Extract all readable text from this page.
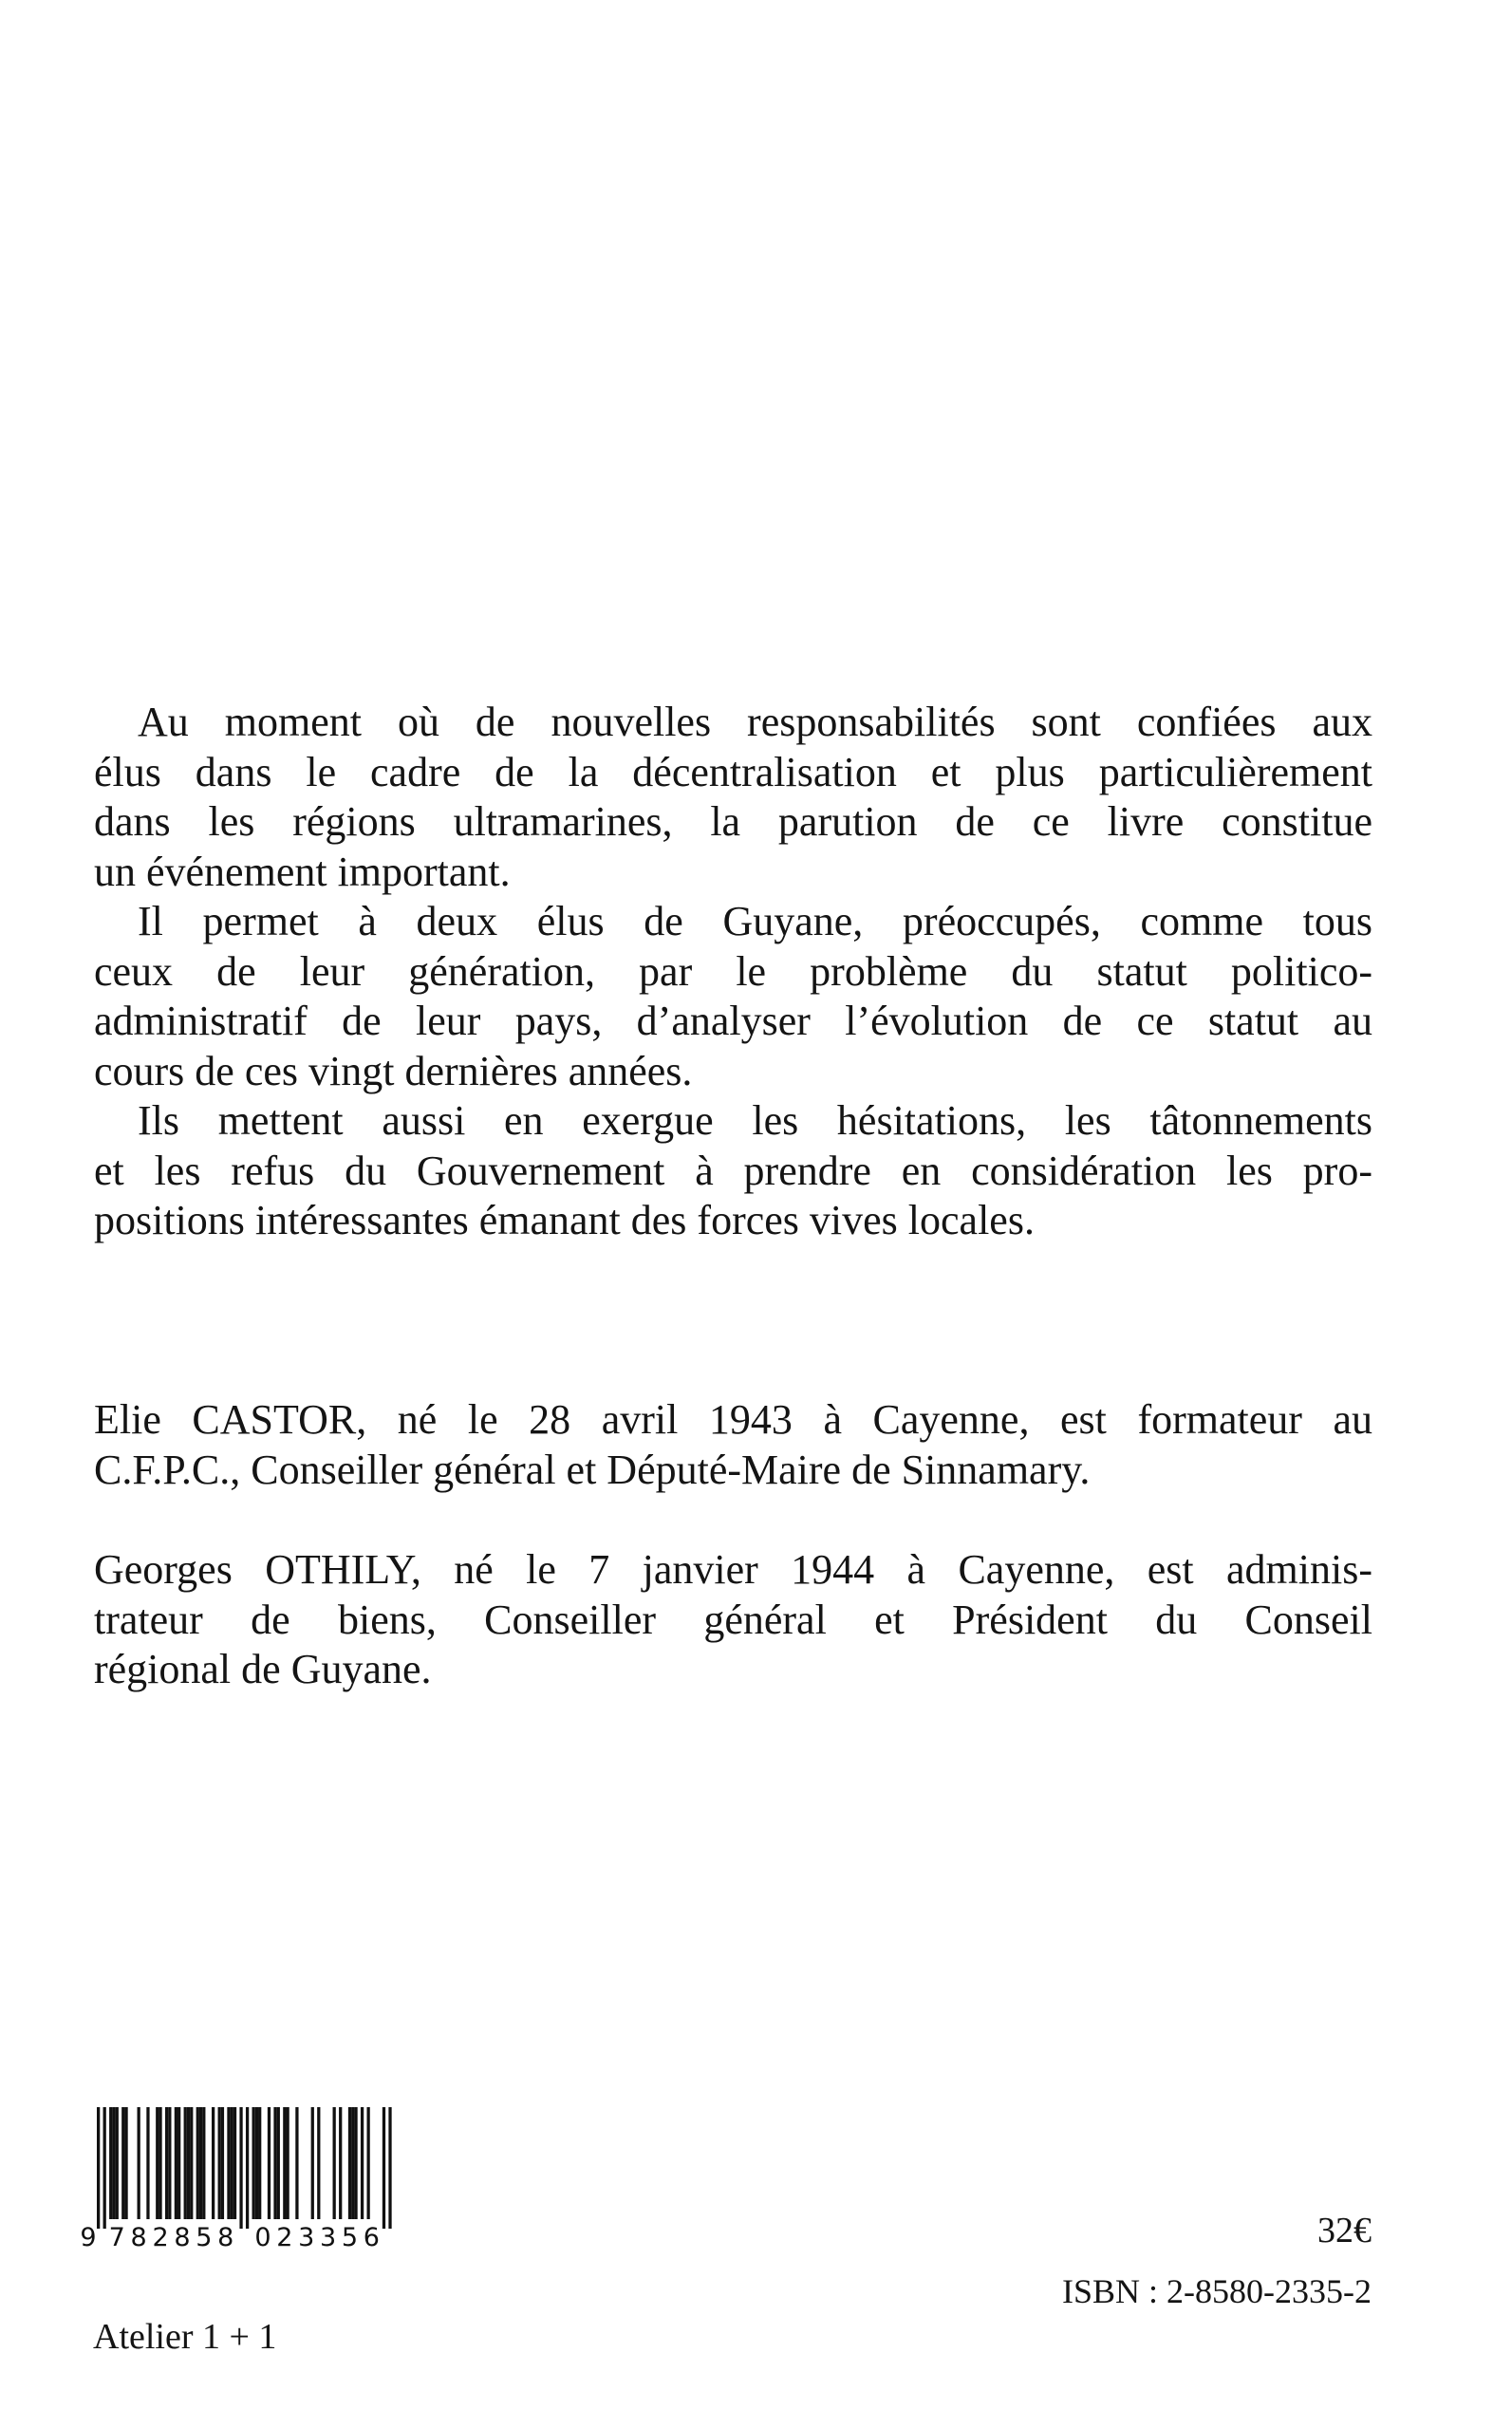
Au moment où de nouvelles responsabilités sont confiées aux
élus dans le cadre de la décentralisation et plus particulièrement
dans les régions ultramarines, la parution de ce livre constitue
un événement important.
Il permet à deux élus de Guyane, préoccupés, comme tous
ceux de leur génération, par le problème du statut politico-
administratif de leur pays, d’analyser l’évolution de ce statut au
cours de ces vingt dernières années.
Ils mettent aussi en exergue les hésitations, les tâtonnements
et les refus du Gouvernement à prendre en considération les pro-
positions intéressantes émanant des forces vives locales.
Elie CASTOR, né le 28 avril 1943 à Cayenne, est formateur au
C.F.P.C., Conseiller général et Député-Maire de Sinnamary.
Georges OTHILY, né le 7 janvier 1944 à Cayenne, est adminis-
trateur de biens, Conseiller général et Président du Conseil
régional de Guyane.
9 7 8 2 8 5 8 0 2 3 3 5 6	32€
ISBN : 2-8580-2335-2
Atelier 1 + 1
